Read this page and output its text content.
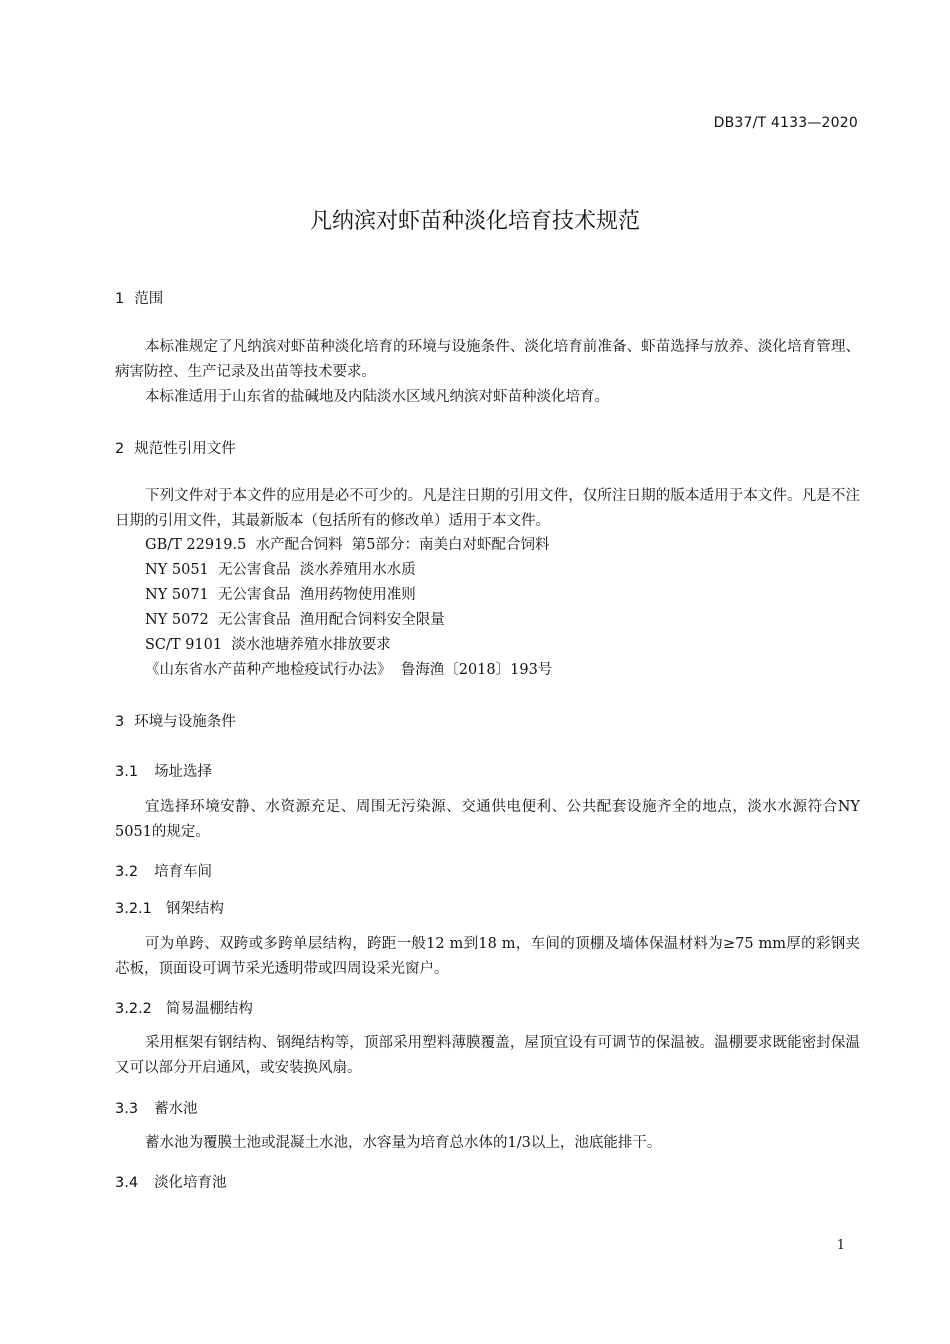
DB37/T 4133—2020
凡纳滨对虾苗种淡化培育技术规范
1 范围
本标准规定了凡纳滨对虾苗种淡化培育的环境与设施条件、淡化培育前准备、虾苗选择与放养、淡化培育管理、病害防控、生产记录及出苗等技术要求。
本标准适用于山东省的盐碱地及内陆淡水区域凡纳滨对虾苗种淡化培育。
2 规范性引用文件
下列文件对于本文件的应用是必不可少的。凡是注日期的引用文件，仅所注日期的版本适用于本文件。凡是不注日期的引用文件，其最新版本（包括所有的修改单）适用于本文件。
GB/T 22919.5  水产配合饲料  第5部分：南美白对虾配合饲料
NY 5051  无公害食品  淡水养殖用水水质
NY 5071  无公害食品  渔用药物使用准则
NY 5072  无公害食品  渔用配合饲料安全限量
SC/T 9101  淡水池塘养殖水排放要求
《山东省水产苗种产地检疫试行办法》  鲁海渔〔2018〕193号
3 环境与设施条件
3.1 场址选择
宜选择环境安静、水资源充足、周围无污染源、交通供电便利、公共配套设施齐全的地点，淡水水源符合NY 5051的规定。
3.2 培育车间
3.2.1 钢架结构
可为单跨、双跨或多跨单层结构，跨距一般12 m到18 m，车间的顶棚及墙体保温材料为≥75 mm厚的彩钢夹芯板，顶面设可调节采光透明带或四周设采光窗户。
3.2.2 简易温棚结构
采用框架有钢结构、钢绳结构等，顶部采用塑料薄膜覆盖，屋顶宜设有可调节的保温被。温棚要求既能密封保温又可以部分开启通风，或安装换风扇。
3.3 蓄水池
蓄水池为覆膜土池或混凝土水池，水容量为培育总水体的1/3以上，池底能排干。
3.4 淡化培育池
1
